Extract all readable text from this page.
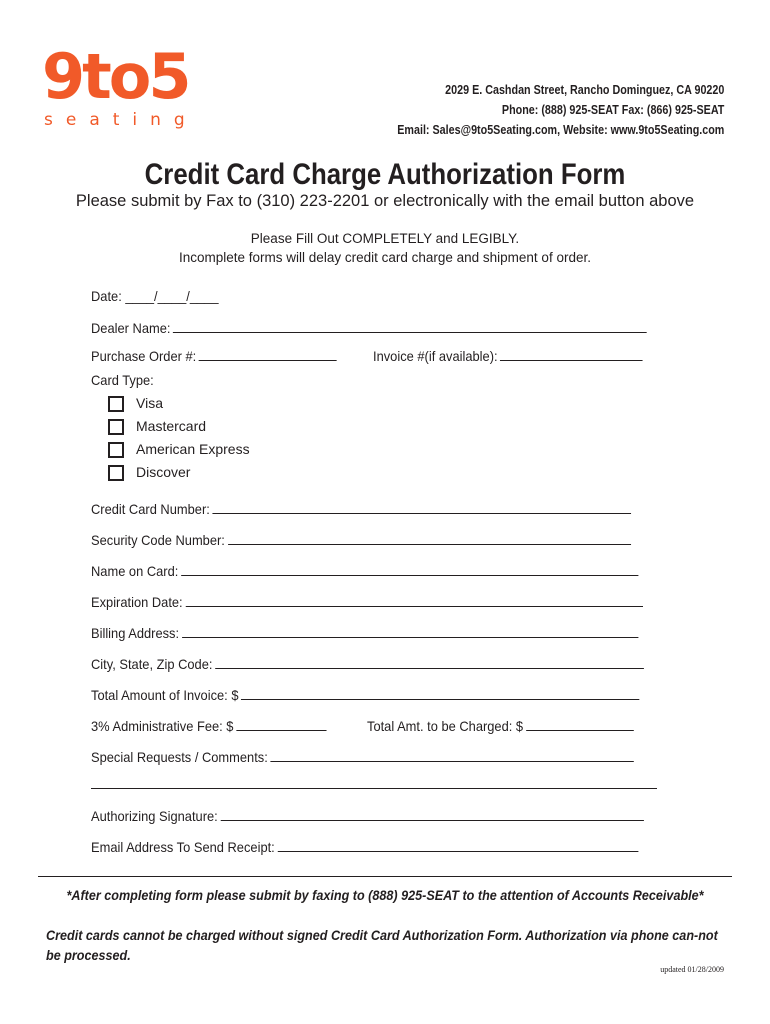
9to5
seating
2029 E. Cashdan Street, Rancho Dominguez, CA 90220
Phone: (888) 925-SEAT Fax: (866) 925-SEAT
Email: Sales@9to5Seating.com, Website: www.9to5Seating.com
Credit Card Charge Authorization Form
Please submit by Fax to (310) 223-2201 or electronically with the email button above
Please Fill Out COMPLETELY and LEGIBLY.
Incomplete forms will delay credit card charge and shipment of order.
Date: ____/____/____
Dealer Name:
Purchase Order #:	Invoice #(if available):
Card Type:
Visa
Mastercard
American Express
Discover
Credit Card Number:
Security Code Number:
Name on Card:
Expiration Date:
Billing Address:
City, State, Zip Code:
Total Amount of Invoice: $
3% Administrative Fee: $	Total Amt. to be Charged: $
Special Requests / Comments:
Authorizing Signature:
Email Address To Send Receipt:
*After completing form please submit by faxing to (888) 925-SEAT to the attention of Accounts Receivable*
Credit cards cannot be charged without signed Credit Card Authorization Form. Authorization via phone can-not be processed.
updated 01/28/2009
